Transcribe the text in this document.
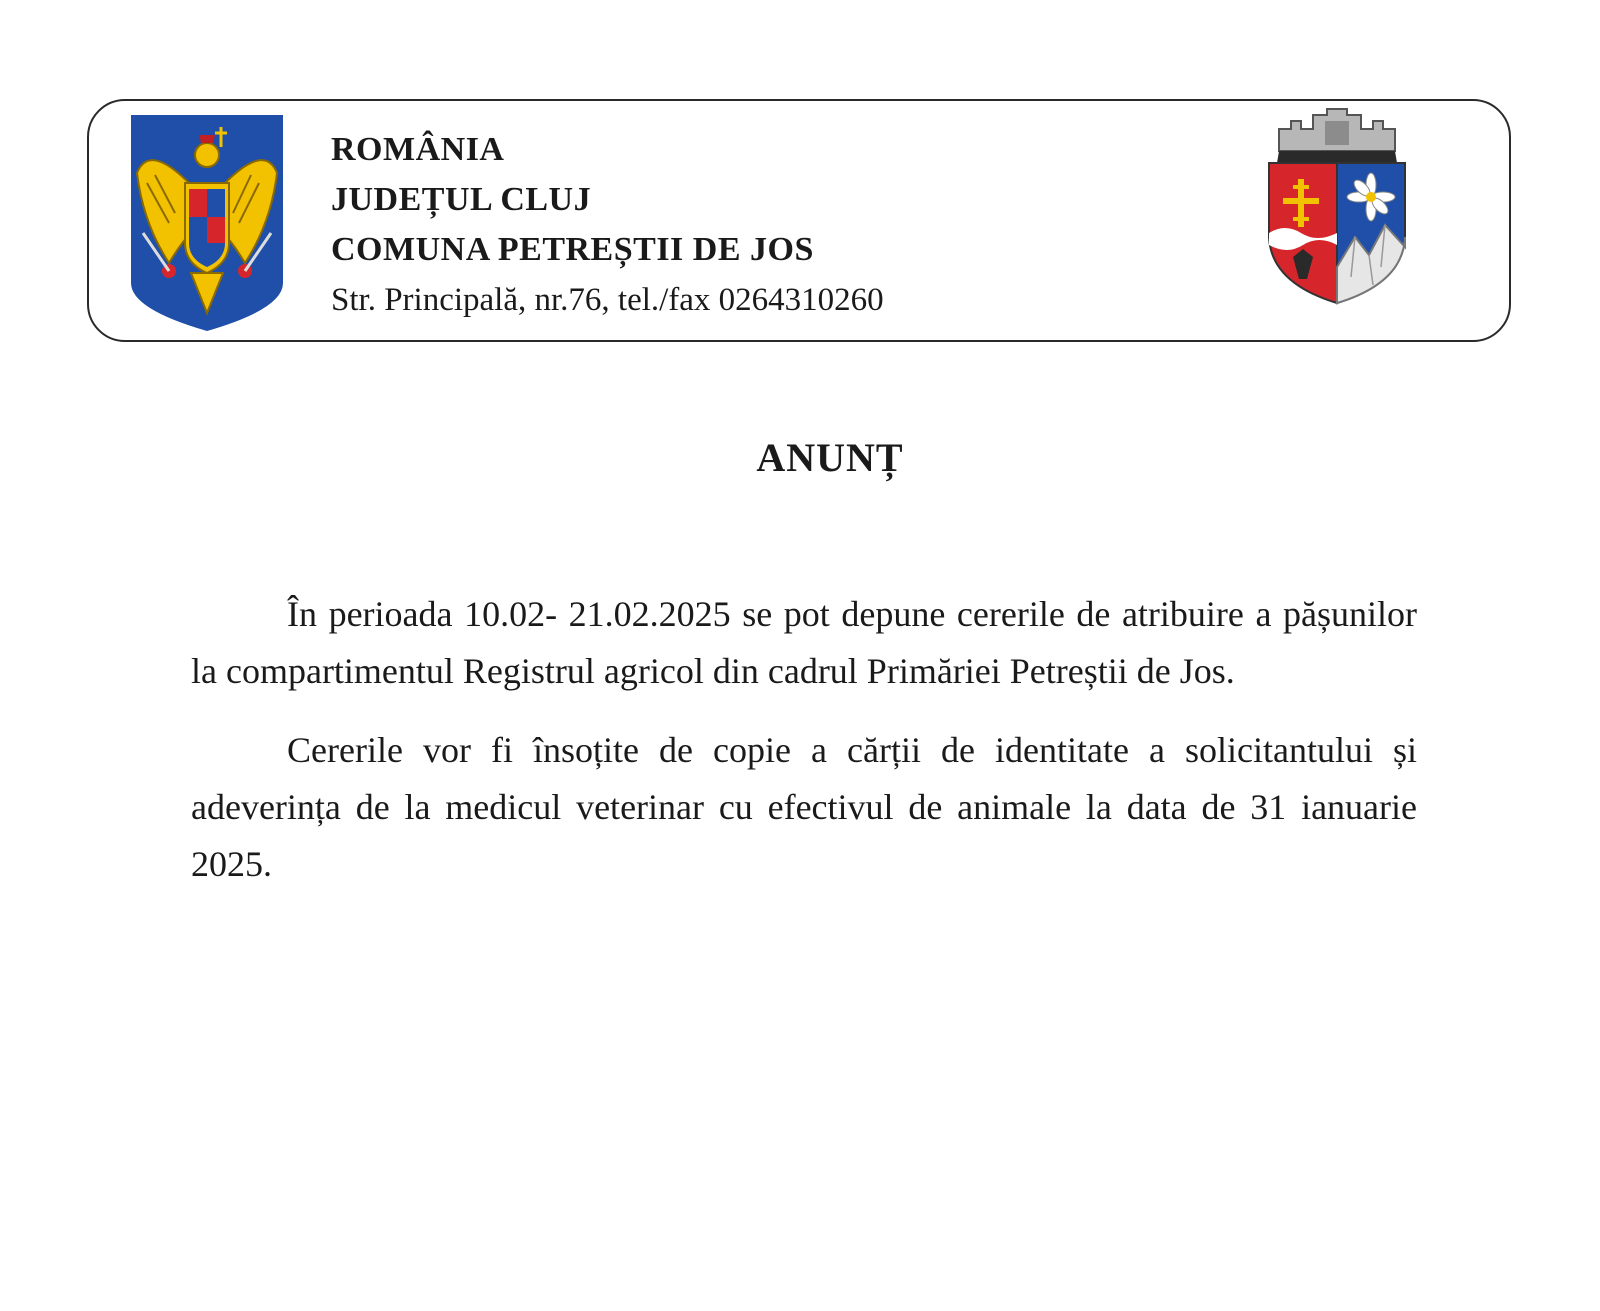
ROMÂNIA
JUDEȚUL CLUJ
COMUNA PETREȘTII DE JOS
Str. Principală, nr.76, tel./fax 0264310260
ANUNȚ

În perioada 10.02- 21.02.2025 se pot depune cererile de atribuire a pășunilor la compartimentul Registrul agricol din cadrul Primăriei Petreștii de Jos.

Cererile vor fi însoțite de copie a cărții de identitate a solicitantului și adeverința de la medicul veterinar cu efectivul de animale la data de 31 ianuarie 2025.
